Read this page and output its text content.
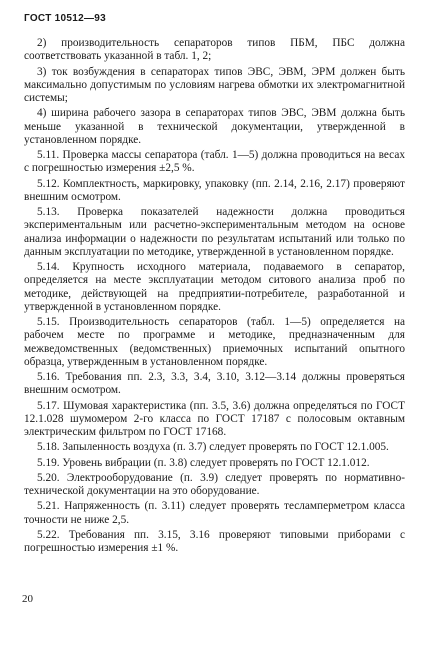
ГОСТ 10512—93

2) производительность сепараторов типов ПБМ, ПБС должна соответствовать указанной в табл. 1, 2;

3) ток возбуждения в сепараторах типов ЭВС, ЭВМ, ЭРМ должен быть максимально допустимым по условиям нагрева обмотки их электромагнитной системы;

4) ширина рабочего зазора в сепараторах типов ЭВС, ЭВМ должна быть меньше указанной в технической документации, утвержденной в установленном порядке.

5.11. Проверка массы сепаратора (табл. 1—5) должна проводиться на весах с погрешностью измерения ±2,5 %.

5.12. Комплектность, маркировку, упаковку (пп. 2.14, 2.16, 2.17) проверяют внешним осмотром.

5.13. Проверка показателей надежности должна проводиться экспериментальным или расчетно-экспериментальным методом на основе анализа информации о надежности по результатам испытаний или только по данным эксплуатации по методике, утвержденной в установленном порядке.

5.14. Крупность исходного материала, подаваемого в сепаратор, определяется на месте эксплуатации методом ситового анализа проб по методике, действующей на предприятии-потребителе, разработанной и утвержденной в установленном порядке.

5.15. Производительность сепараторов (табл. 1—5) определяется на рабочем месте по программе и методике, предназначенным для межведомственных (ведомственных) приемочных испытаний опытного образца, утвержденным в установленном порядке.

5.16. Требования пп. 2.3, 3.3, 3.4, 3.10, 3.12—3.14 должны проверяться внешним осмотром.

5.17. Шумовая характеристика (пп. 3.5, 3.6) должна определяться по ГОСТ 12.1.028 шумомером 2-го класса по ГОСТ 17187 с полосовым октавным электрическим фильтром по ГОСТ 17168.

5.18. Запыленность воздуха (п. 3.7) следует проверять по ГОСТ 12.1.005.

5.19. Уровень вибрации (п. 3.8) следует проверять по ГОСТ 12.1.012.

5.20. Электрооборудование (п. 3.9) следует проверять по нормативно-технической документации на это оборудование.

5.21. Напряженность (п. 3.11) следует проверять тесламперметром класса точности не ниже 2,5.

5.22. Требования пп. 3.15, 3.16 проверяют типовыми приборами с погрешностью измерения ±1 %.

20
